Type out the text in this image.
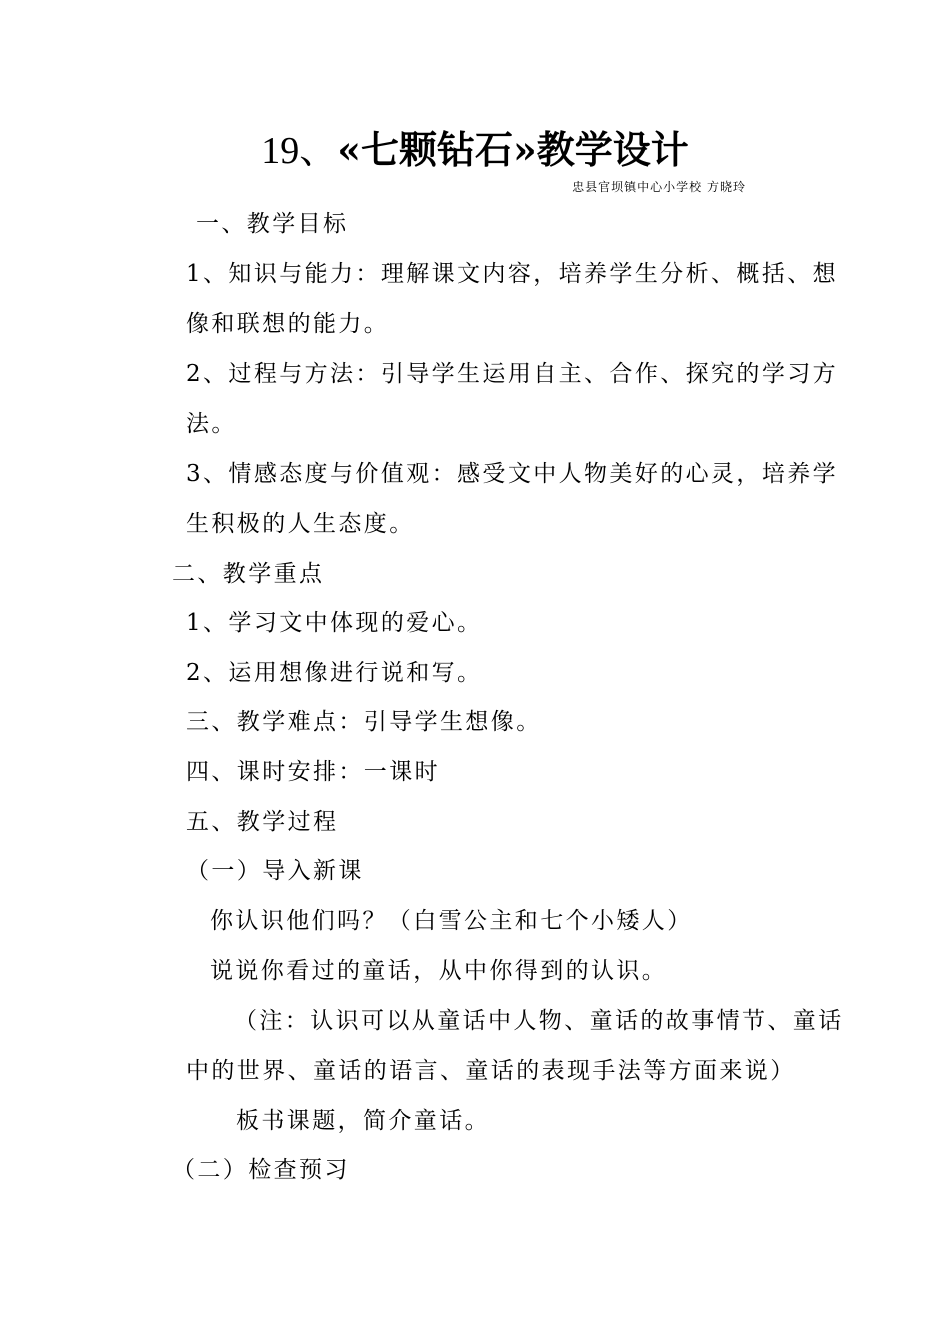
19、«七颗钻石»教学设计
忠县官坝镇中心小学校 方晓玲
一、教学目标
1、知识与能力：理解课文内容，培养学生分析、概括、想
像和联想的能力。
2、过程与方法：引导学生运用自主、合作、探究的学习方
法。
3、情感态度与价值观：感受文中人物美好的心灵，培养学
生积极的人生态度。
二、教学重点
1、学习文中体现的爱心。
2、运用想像进行说和写。
三、教学难点：引导学生想像。
四、课时安排：一课时
五、教学过程
（一）导入新课
你认识他们吗？（白雪公主和七个小矮人）
说说你看过的童话，从中你得到的认识。
（注：认识可以从童话中人物、童话的故事情节、童话
中的世界、童话的语言、童话的表现手法等方面来说）
板书课题，简介童话。
（二）检查预习
